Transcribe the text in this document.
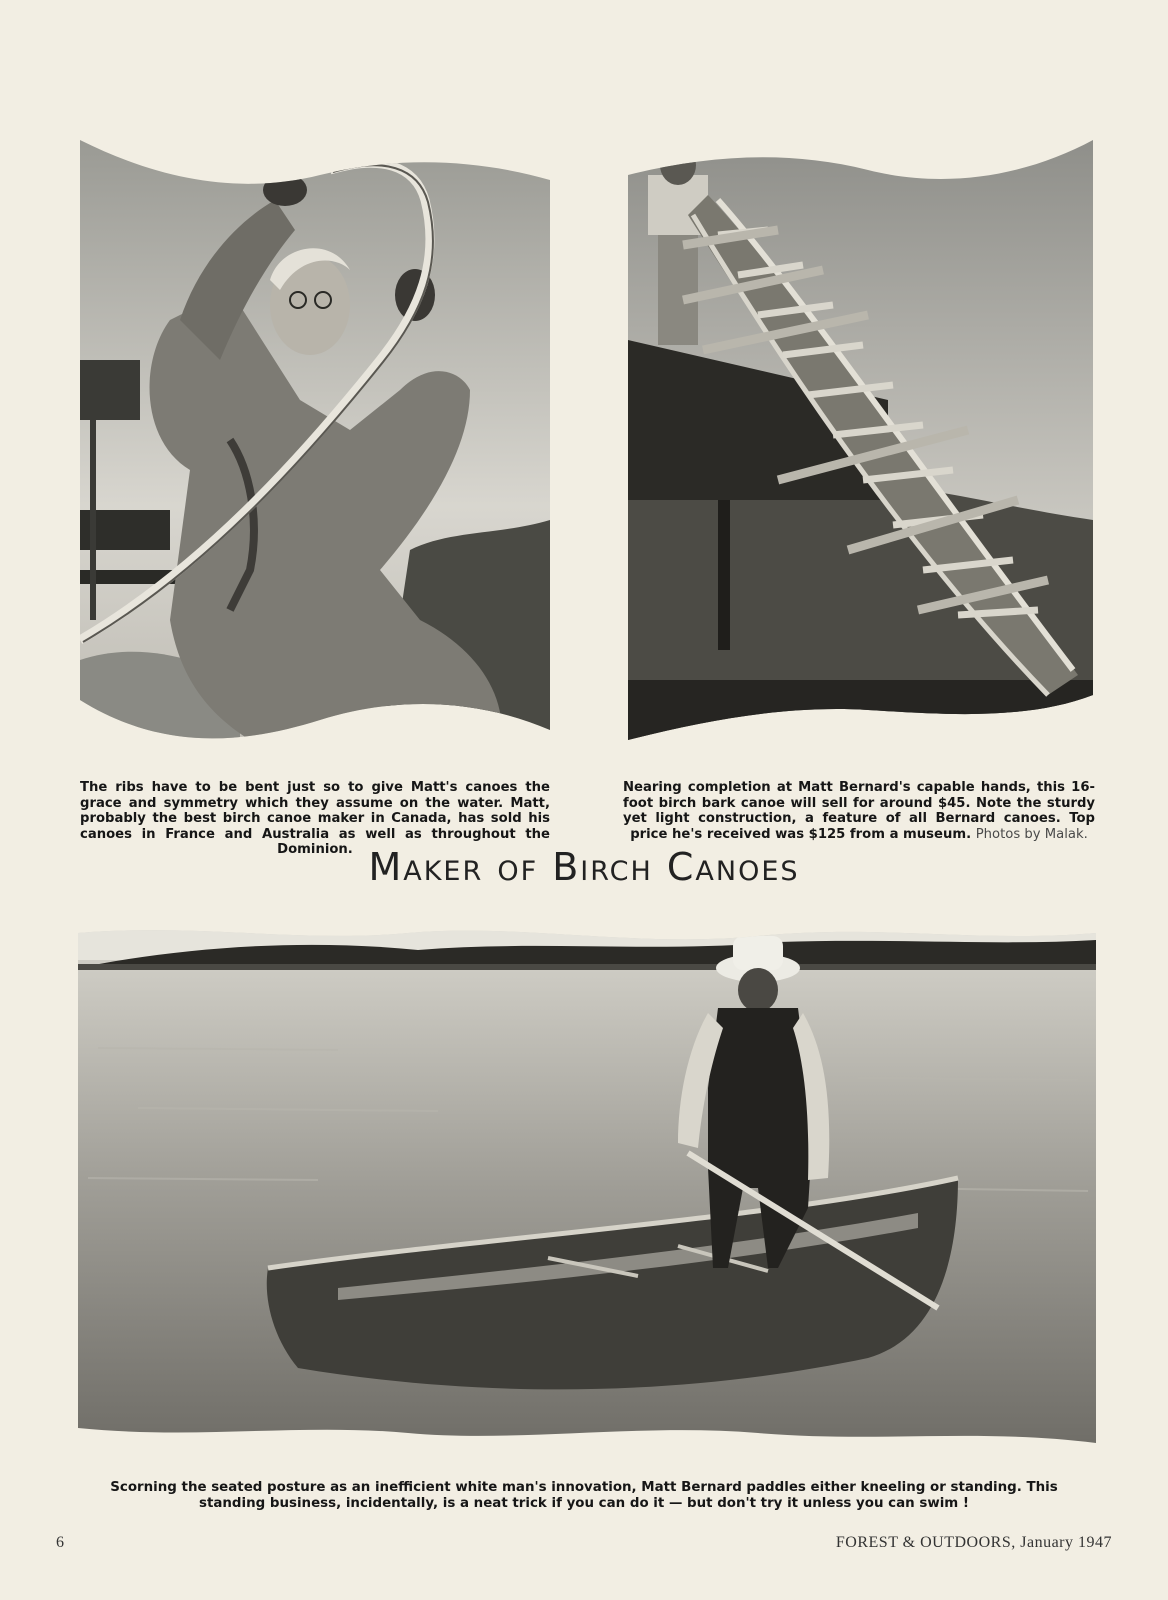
The ribs have to be bent just so to give Matt's canoes the grace and symmetry which they assume on the water. Matt, probably the best birch canoe maker in Canada, has sold his canoes in France and Australia as well as throughout the Dominion.

Nearing completion at Matt Bernard's capable hands, this 16-foot birch bark canoe will sell for around $45. Note the sturdy yet light construction, a feature of all Bernard canoes. Top price he's received was $125 from a museum. Photos by Malak.

Maker of Birch Canoes

Scorning the seated posture as an inefficient white man's innovation, Matt Bernard paddles either kneeling or standing. This standing business, incidentally, is a neat trick if you can do it — but don't try it unless you can swim !

6	FOREST & OUTDOORS, January 1947
